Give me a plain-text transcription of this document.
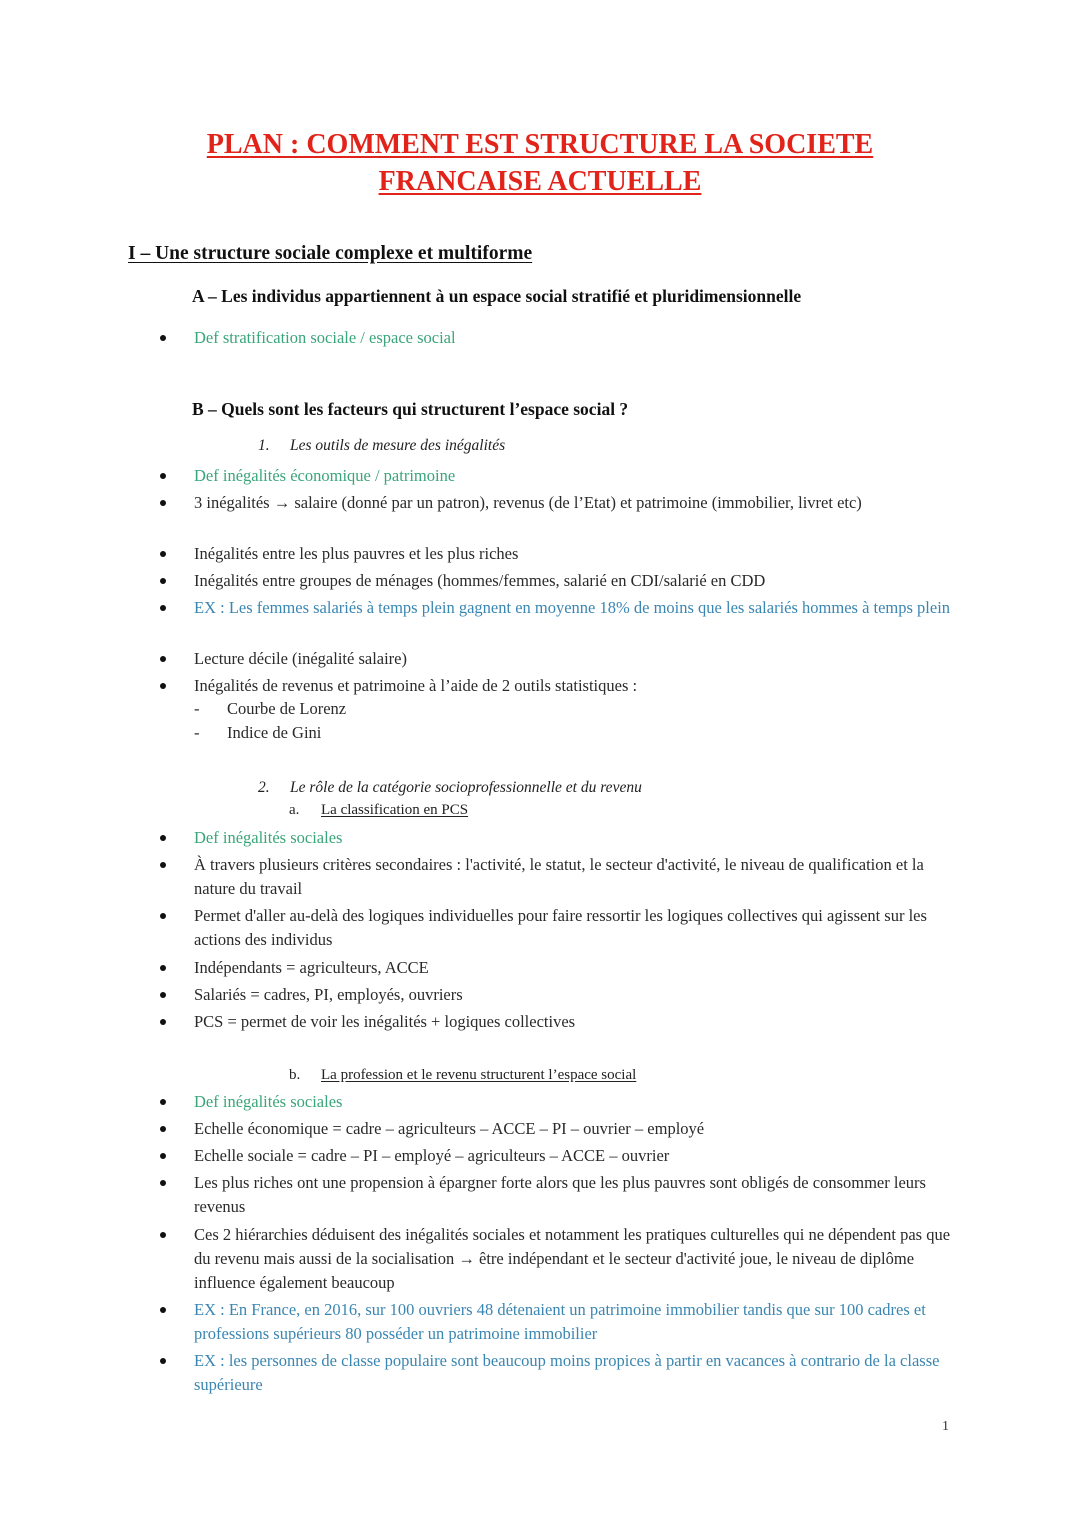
PLAN : COMMENT EST STRUCTURE LA SOCIETE
FRANCAISE ACTUELLE
I – Une structure sociale complexe et multiforme
A – Les individus appartiennent à un espace social stratifié et pluridimensionnelle
Def stratification sociale / espace social
B – Quels sont les facteurs qui structurent l’espace social ?
1. Les outils de mesure des inégalités
Def inégalités économique / patrimoine
3 inégalités → salaire (donné par un patron), revenus (de l’Etat) et patrimoine (immobilier, livret etc)
Inégalités entre les plus pauvres et les plus riches
Inégalités entre groupes de ménages (hommes/femmes, salarié en CDI/salarié en CDD
EX : Les femmes salariés à temps plein gagnent en moyenne 18% de moins que les salariés hommes à temps plein
Lecture décile (inégalité salaire)
Inégalités de revenus et patrimoine à l’aide de 2 outils statistiques :
- Courbe de Lorenz
- Indice de Gini
2. Le rôle de la catégorie socioprofessionnelle et du revenu
a. La classification en PCS
Def inégalités sociales
À travers plusieurs critères secondaires : l'activité, le statut, le secteur d'activité, le niveau de qualification et la nature du travail
Permet d'aller au-delà des logiques individuelles pour faire ressortir les logiques collectives qui agissent sur les actions des individus
Indépendants = agriculteurs, ACCE
Salariés = cadres, PI, employés, ouvriers
PCS = permet de voir les inégalités + logiques collectives
b. La profession et le revenu structurent l’espace social
Def inégalités sociales
Echelle économique = cadre – agriculteurs – ACCE – PI – ouvrier – employé
Echelle sociale = cadre – PI – employé – agriculteurs – ACCE – ouvrier
Les plus riches ont une propension à épargner forte alors que les plus pauvres sont obligés de consommer leurs revenus
Ces 2 hiérarchies déduisent des inégalités sociales et notamment les pratiques culturelles qui ne dépendent pas que du revenu mais aussi de la socialisation → être indépendant et le secteur d'activité joue, le niveau de diplôme influence également beaucoup
EX : En France, en 2016, sur 100 ouvriers 48 détenaient un patrimoine immobilier tandis que sur 100 cadres et professions supérieurs 80 posséder un patrimoine immobilier
EX : les personnes de classe populaire sont beaucoup moins propices à partir en vacances à contrario de la classe supérieure
1
